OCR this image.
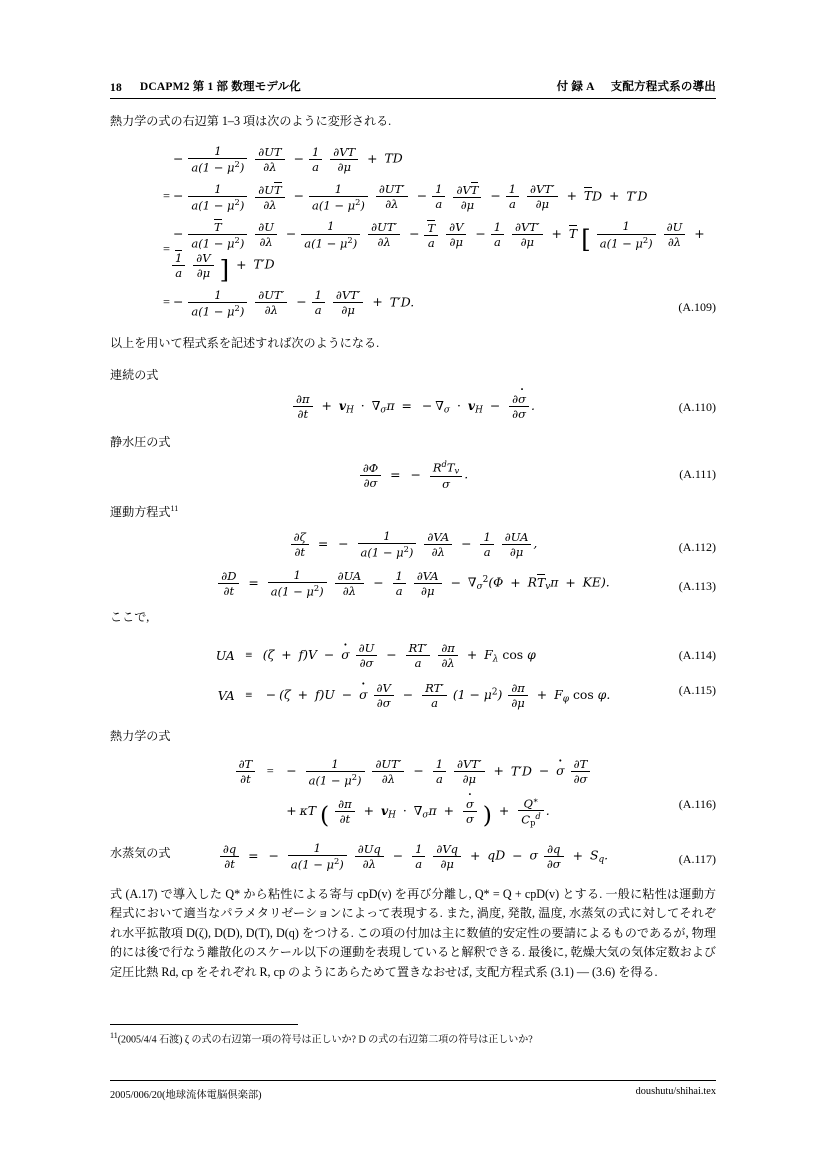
18 DCAPM2 第 1 部 数理モデル化	付 録 A 支配方程式系の導出

熱力学の式の右辺第 1–3 項は次のように変形される.

	− $\frac{1}{a(1 - \mu^2)}$
$\frac{\partial UT}{\partial\lambda} - \frac{1}{a}$
$\frac{\partial VT}{\partial\mu}$ + TD
=	− $\frac{1}{a(1 - \mu^2)}$
$\frac{\partial UT}{\partial\lambda} - \frac{1}{a(1 - \mu^2)}$
$\frac{\partial UT'}{\partial\lambda} - \frac{1}{a}$
$\frac{\partial VT}{\partial\mu} - \frac{1}{a}$
$\frac{\partial VT'}{\partial\mu}$ + TD + T′D
=	− $\frac{T}{a(1 - \mu^2)}$
$\frac{\partial U}{\partial\lambda} - \frac{1}{a(1 - \mu^2)}$
$\frac{\partial UT'}{\partial\lambda} - \frac{T}{a}$
$\frac{\partial V}{\partial\mu} - \frac{1}{a}$
$\frac{\partial VT'}{\partial\mu} + T$ [ $\frac{1}{a(1 - \mu^2)}$
$\frac{\partial U}{\partial\lambda}$ +
$\frac{1}{a}$
$\frac{\partial V}{\partial\mu}$ ] + T′D
=	− $\frac{1}{a(1 - \mu^2)}$
$\frac{\partial UT'}{\partial\lambda} - \frac{1}{a}$
$\frac{\partial VT'}{\partial\mu} + T'D$.	(A.109)

以上を用いて程式系を記述すれば次のようになる.

連続の式
$\frac{\partial\pi}{\partial t} + v_H \cdot \nabla_\sigma\pi$ = − $\nabla_\sigma \cdot v_H - \frac{\partial\cdot \sigma}{\partial\sigma}$ .	(A.110)
静水圧の式
$\frac{\partial\Phi}{\partial\sigma}$ = − $\frac{R^dT_v}{\sigma}$ .	(A.111)
運動方程式$^{11}$
$\frac{\partial\zeta}{\partial t}$ = − $\frac{1}{a(1 - \mu^2)}$
$\frac{\partial VA}{\partial\lambda} - \frac{1}{a}$
$\frac{\partial UA}{\partial\mu}$ ,	(A.112)
$\frac{\partial D}{\partial t} = \frac{1}{a(1 - \mu^2)}$
$\frac{\partial UA}{\partial\lambda} - \frac{1}{a}$
$\frac{\partial VA}{\partial\mu} - \nabla_\sigma^2(\Phi + RT_v\pi + KE)$.	(A.113)

ここで,

UA	≡	(ζ + f)V − · σ $\frac{\partial U}{\partial\sigma} - \frac{RT'}{a}$
$\frac{\partial\pi}{\partial\lambda} + F_\lambda$ cos φ
VA	≡	− (ζ + f)U − · σ $\frac{\partial V}{\partial\sigma} - \frac{RT'}{a} (1 - \mu^2) \frac{\partial\pi}{\partial\mu} + F_\varphi$ cos φ.
(A.114)
(A.115)
熱力学の式
$\frac{\partial T}{\partial t}$	=	− $\frac{1}{a(1 - \mu^2)}$
$\frac{\partial UT'}{\partial\lambda} - \frac{1}{a}$
$\frac{\partial VT'}{\partial\mu} + T'D$ − · σ $\frac{\partial T}{\partial\sigma}$

		+ κT ( $\frac{\partial\pi}{\partial t} + v_H \cdot \nabla_\sigma\pi$ + · $\frac{\sigma}{\sigma}$ ) + $\frac{Q^∗}{C_p^d}$ .	(A.116)
水蒸気の式	$\frac{\partial q}{\partial t}$ = − $\frac{1}{a(1 - \mu^2)}$
$\frac{\partial Uq}{\partial\lambda} - \frac{1}{a}$
$\frac{\partial Vq}{\partial\mu}$ + qD − σ $\frac{\partial q}{\partial\sigma} + S_q$.	(A.117)

式 (A.17) で導入した Q* から粘性による寄与 cpD(v) を再び分離し, Q* = Q + cpD(v) とする. 一般に粘性は運動方程式において適当なパラメタリゼーションによって表現する. また, 渦度, 発散, 温度, 水蒸気の式に対してそれぞれ水平拡散項 D(ζ), D(D), D(T), D(q) をつける. この項の付加は主に数値的安定性の要請によるものであるが, 物理的には後で行なう離散化のスケール以下の運動を表現していると解釈できる. 最後に, 乾燥大気の気体定数および定圧比熱 Rd, cp をそれぞれ R, cp のようにあらためて置きなおせば, 支配方程式系 (3.1) — (3.6) を得る.

$^{11}$(2005/4/4 石渡) ζ の式の右辺第一項の符号は正しいか? D の式の右辺第二項の符号は正しいか?
2005/006/20(地球流体電脳倶楽部)	doushutu/shihai.tex
